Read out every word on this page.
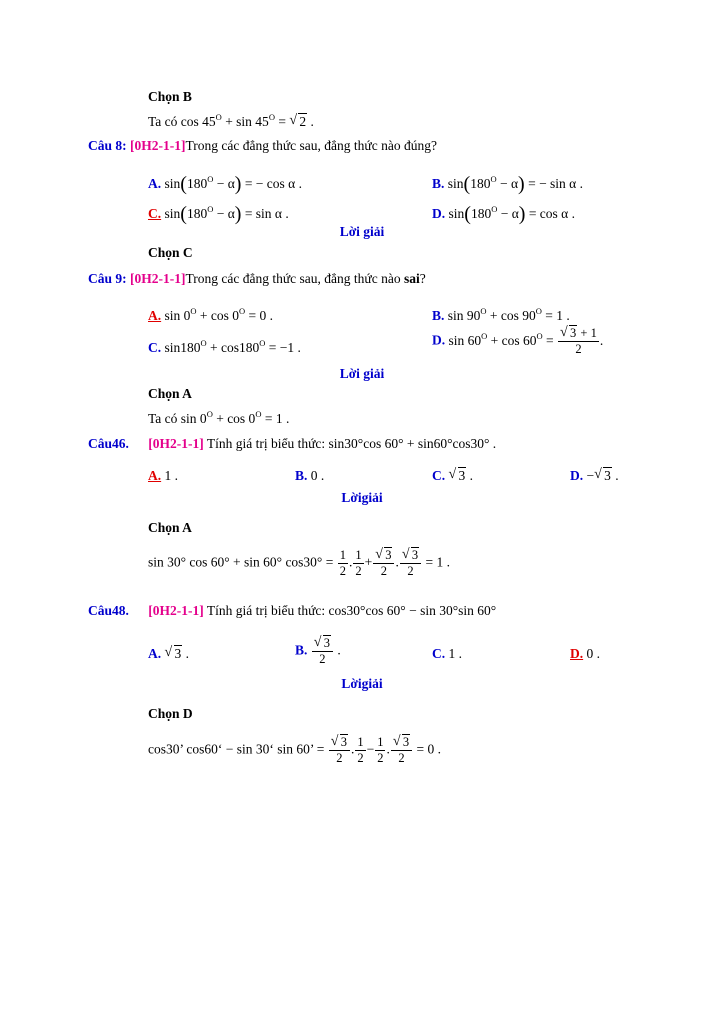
Chọn B
Ta có $\cos 45^O + \sin 45^O$ = √ 2 .
Câu 8: [0H2-1-1]Trong các đẳng thức sau, đẳng thức nào đúng?
A. $\sin(180^O - \alpha)$ = − cos α .	B. $\sin(180^O - \alpha)$ = − sin α .
C. $\sin(180^O - \alpha) = \sin \alpha$ .	D. $\sin(180^O - \alpha) = \cos \alpha$ .
Lời giải
Chọn C
Câu 9: [0H2-1-1]Trong các đẳng thức sau, đẳng thức nào sai?
A. $\sin 0^O + \cos 0^O = 0$ .	B. $\sin 90^O + \cos 90^O = 1$ .
C. $\sin 180^O + \cos 180^O = -1$ .	D. $\sin 60^O + \cos 60^O = \frac{√ 3 + 1}{2}$ .
Lời giải
Chọn A
Ta có $\sin 0^O + \cos 0^O = 1$ .
Câu46. [0H2-1-1] Tính giá trị biểu thức: sin30°cos 60° + sin60°cos30° .
A. 1 .	B. 0 .	C. √ 3 .	D. − √ 3 .
Lờigiải
Chọn A
sin 30° cos 60° + sin 60° $\cos 30^\circ = \frac{1}{2}$ . $\frac{1}{2} + \frac{√ 3}{2}$ . $\frac{√ 3}{2} = 1$ .
Câu48. [0H2-1-1] Tính giá trị biểu thức: cos30°cos 60° − sin 30°sin 60°
A. √ 3 .	B. $\frac{√ 3}{2}$ .	C. 1 .	D. 0 .
Lờigiải
Chọn D
cos30’ cos60‘ − sin 30‘ sin 60’ = $\frac{√ 3}{2}$ . $\frac{1}{2} - \frac{1}{2}$ . $\frac{√ 3}{2} = 0$ .
